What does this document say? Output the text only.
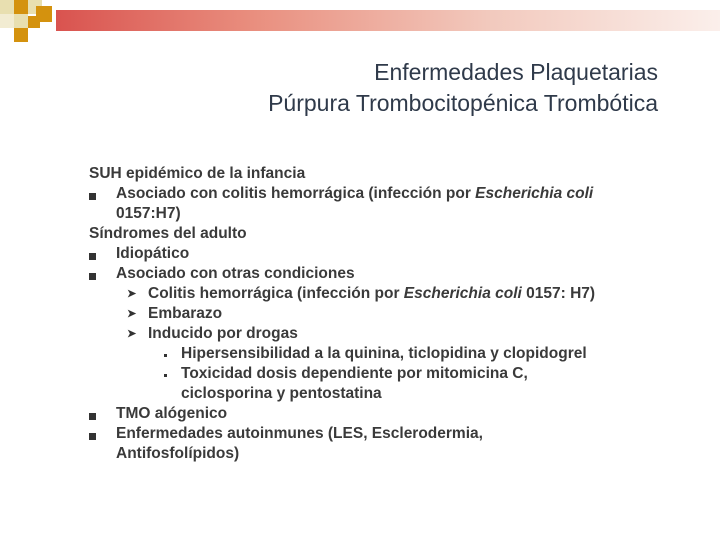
Enfermedades Plaquetarias
Púrpura Trombocitopénica Trombótica
SUH epidémico de la infancia
Asociado con colitis hemorrágica (infección por Escherichia coli
0157:H7)
Síndromes del adulto
Idiopático
Asociado con otras condiciones
➤ Colitis hemorrágica (infección por Escherichia coli 0157: H7)
➤ Embarazo
➤ Inducido por drogas
Hipersensibilidad a la quinina, ticlopidina y clopidogrel
Toxicidad dosis dependiente por mitomicina C,
ciclosporina y pentostatina
TMO alógenico
Enfermedades autoinmunes (LES, Esclerodermia,
Antifosfolípidos)
